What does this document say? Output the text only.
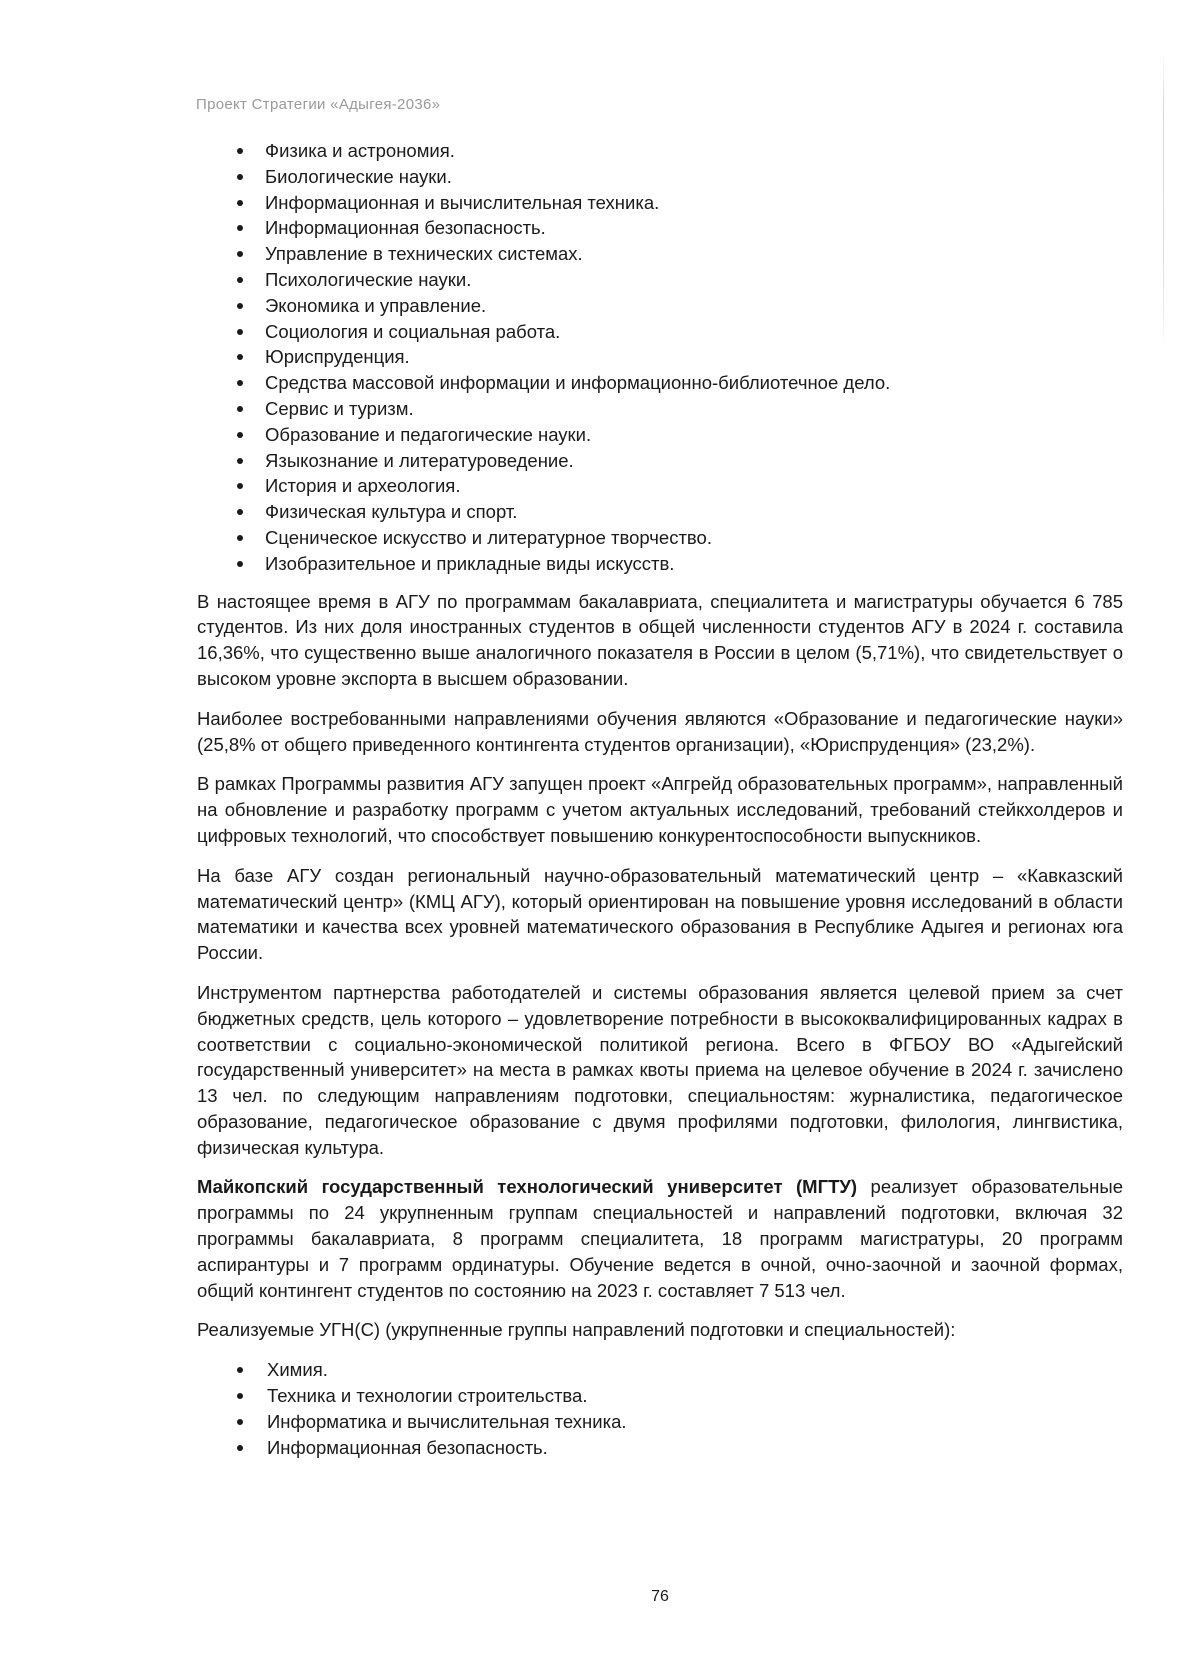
Проект Стратегии «Адыгея-2036»
Физика и астрономия.
Биологические науки.
Информационная и вычислительная техника.
Информационная безопасность.
Управление в технических системах.
Психологические науки.
Экономика и управление.
Социология и социальная работа.
Юриспруденция.
Средства массовой информации и информационно-библиотечное дело.
Сервис и туризм.
Образование и педагогические науки.
Языкознание и литературоведение.
История и археология.
Физическая культура и спорт.
Сценическое искусство и литературное творчество.
Изобразительное и прикладные виды искусств.

В настоящее время в АГУ по программам бакалавриата, специалитета и магистратуры обучается 6 785 студентов. Из них доля иностранных студентов в общей численности студентов АГУ в 2024 г. составила 16,36%, что существенно выше аналогичного показателя в России в целом (5,71%), что свидетельствует о высоком уровне экспорта в высшем образовании.

Наиболее востребованными направлениями обучения являются «Образование и педагогические науки» (25,8% от общего приведенного контингента студентов организации), «Юриспруденция» (23,2%).

В рамках Программы развития АГУ запущен проект «Апгрейд образовательных программ», направленный на обновление и разработку программ с учетом актуальных исследований, требований стейкхолдеров и цифровых технологий, что способствует повышению конкурентоспособности выпускников.

На базе АГУ создан региональный научно-образовательный математический центр – «Кавказский математический центр» (КМЦ АГУ), который ориентирован на повышение уровня исследований в области математики и качества всех уровней математического образования в Республике Адыгея и регионах юга России.

Инструментом партнерства работодателей и системы образования является целевой прием за счет бюджетных средств, цель которого – удовлетворение потребности в высококвалифицированных кадрах в соответствии с социально-экономической политикой региона. Всего в ФГБОУ ВО «Адыгейский государственный университет» на места в рамках квоты приема на целевое обучение в 2024 г. зачислено 13 чел. по следующим направлениям подготовки, специальностям: журналистика, педагогическое образование, педагогическое образование с двумя профилями подготовки, филология, лингвистика, физическая культура.

Майкопский государственный технологический университет (МГТУ) реализует образовательные программы по 24 укрупненным группам специальностей и направлений подготовки, включая 32 программы бакалавриата, 8 программ специалитета, 18 программ магистратуры, 20 программ аспирантуры и 7 программ ординатуры. Обучение ведется в очной, очно-заочной и заочной формах, общий контингент студентов по состоянию на 2023 г. составляет 7 513 чел.

Реализуемые УГН(С) (укрупненные группы направлений подготовки и специальностей):

Химия.
Техника и технологии строительства.
Информатика и вычислительная техника.
Информационная безопасность.
76
